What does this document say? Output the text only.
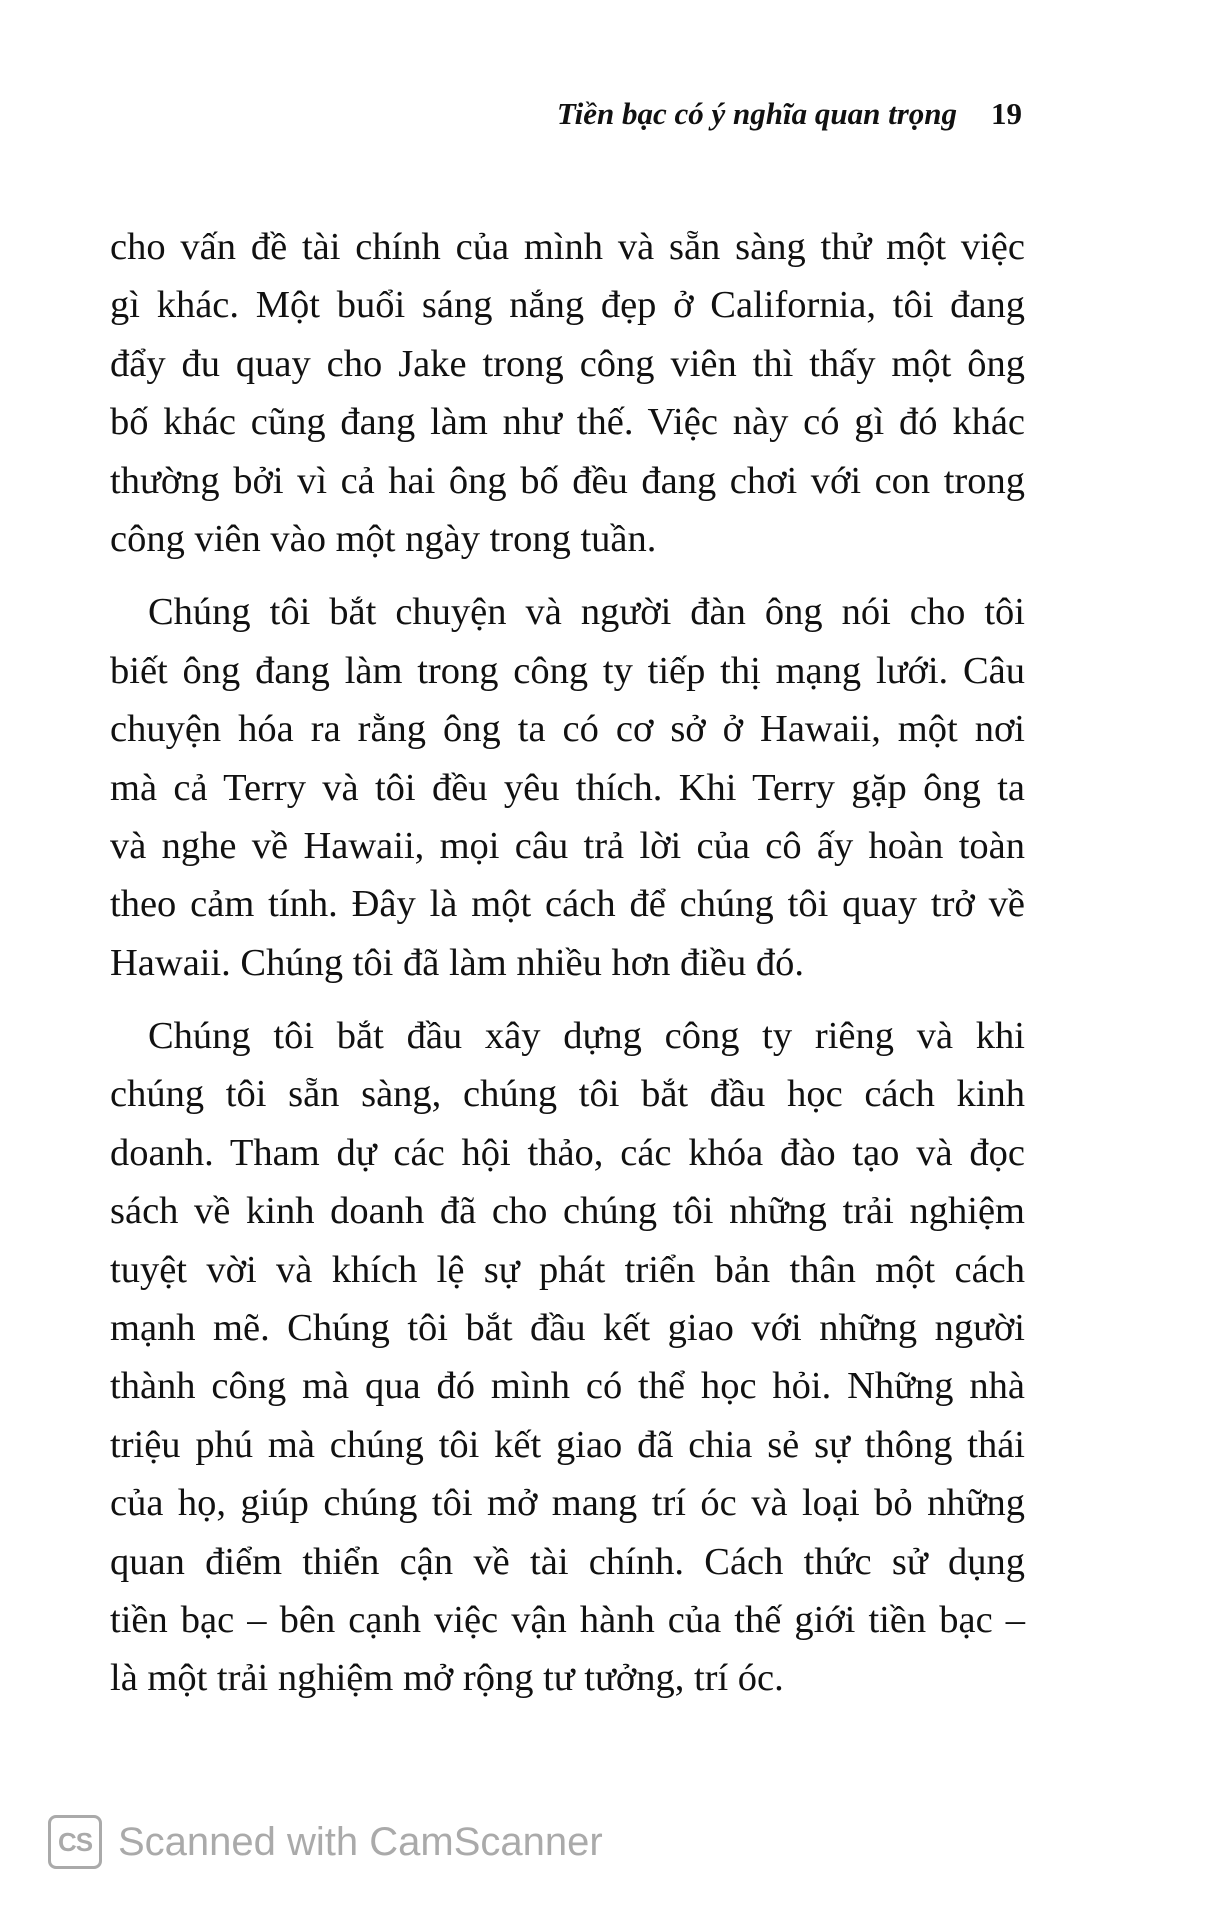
Tiền bạc có ý nghĩa quan trọng 19
cho vấn đề tài chính của mình và sẵn sàng thử một việc
gì khác. Một buổi sáng nắng đẹp ở California, tôi đang
đẩy đu quay cho Jake trong công viên thì thấy một ông
bố khác cũng đang làm như thế. Việc này có gì đó khác
thường bởi vì cả hai ông bố đều đang chơi với con trong
công viên vào một ngày trong tuần.
Chúng tôi bắt chuyện và người đàn ông nói cho tôi
biết ông đang làm trong công ty tiếp thị mạng lưới. Câu
chuyện hóa ra rằng ông ta có cơ sở ở Hawaii, một nơi
mà cả Terry và tôi đều yêu thích. Khi Terry gặp ông ta
và nghe về Hawaii, mọi câu trả lời của cô ấy hoàn toàn
theo cảm tính. Đây là một cách để chúng tôi quay trở về
Hawaii. Chúng tôi đã làm nhiều hơn điều đó.
Chúng tôi bắt đầu xây dựng công ty riêng và khi
chúng tôi sẵn sàng, chúng tôi bắt đầu học cách kinh
doanh. Tham dự các hội thảo, các khóa đào tạo và đọc
sách về kinh doanh đã cho chúng tôi những trải nghiệm
tuyệt vời và khích lệ sự phát triển bản thân một cách
mạnh mẽ. Chúng tôi bắt đầu kết giao với những người
thành công mà qua đó mình có thể học hỏi. Những nhà
triệu phú mà chúng tôi kết giao đã chia sẻ sự thông thái
của họ, giúp chúng tôi mở mang trí óc và loại bỏ những
quan điểm thiển cận về tài chính. Cách thức sử dụng
tiền bạc – bên cạnh việc vận hành của thế giới tiền bạc –
là một trải nghiệm mở rộng tư tưởng, trí óc.
CS Scanned with CamScanner
